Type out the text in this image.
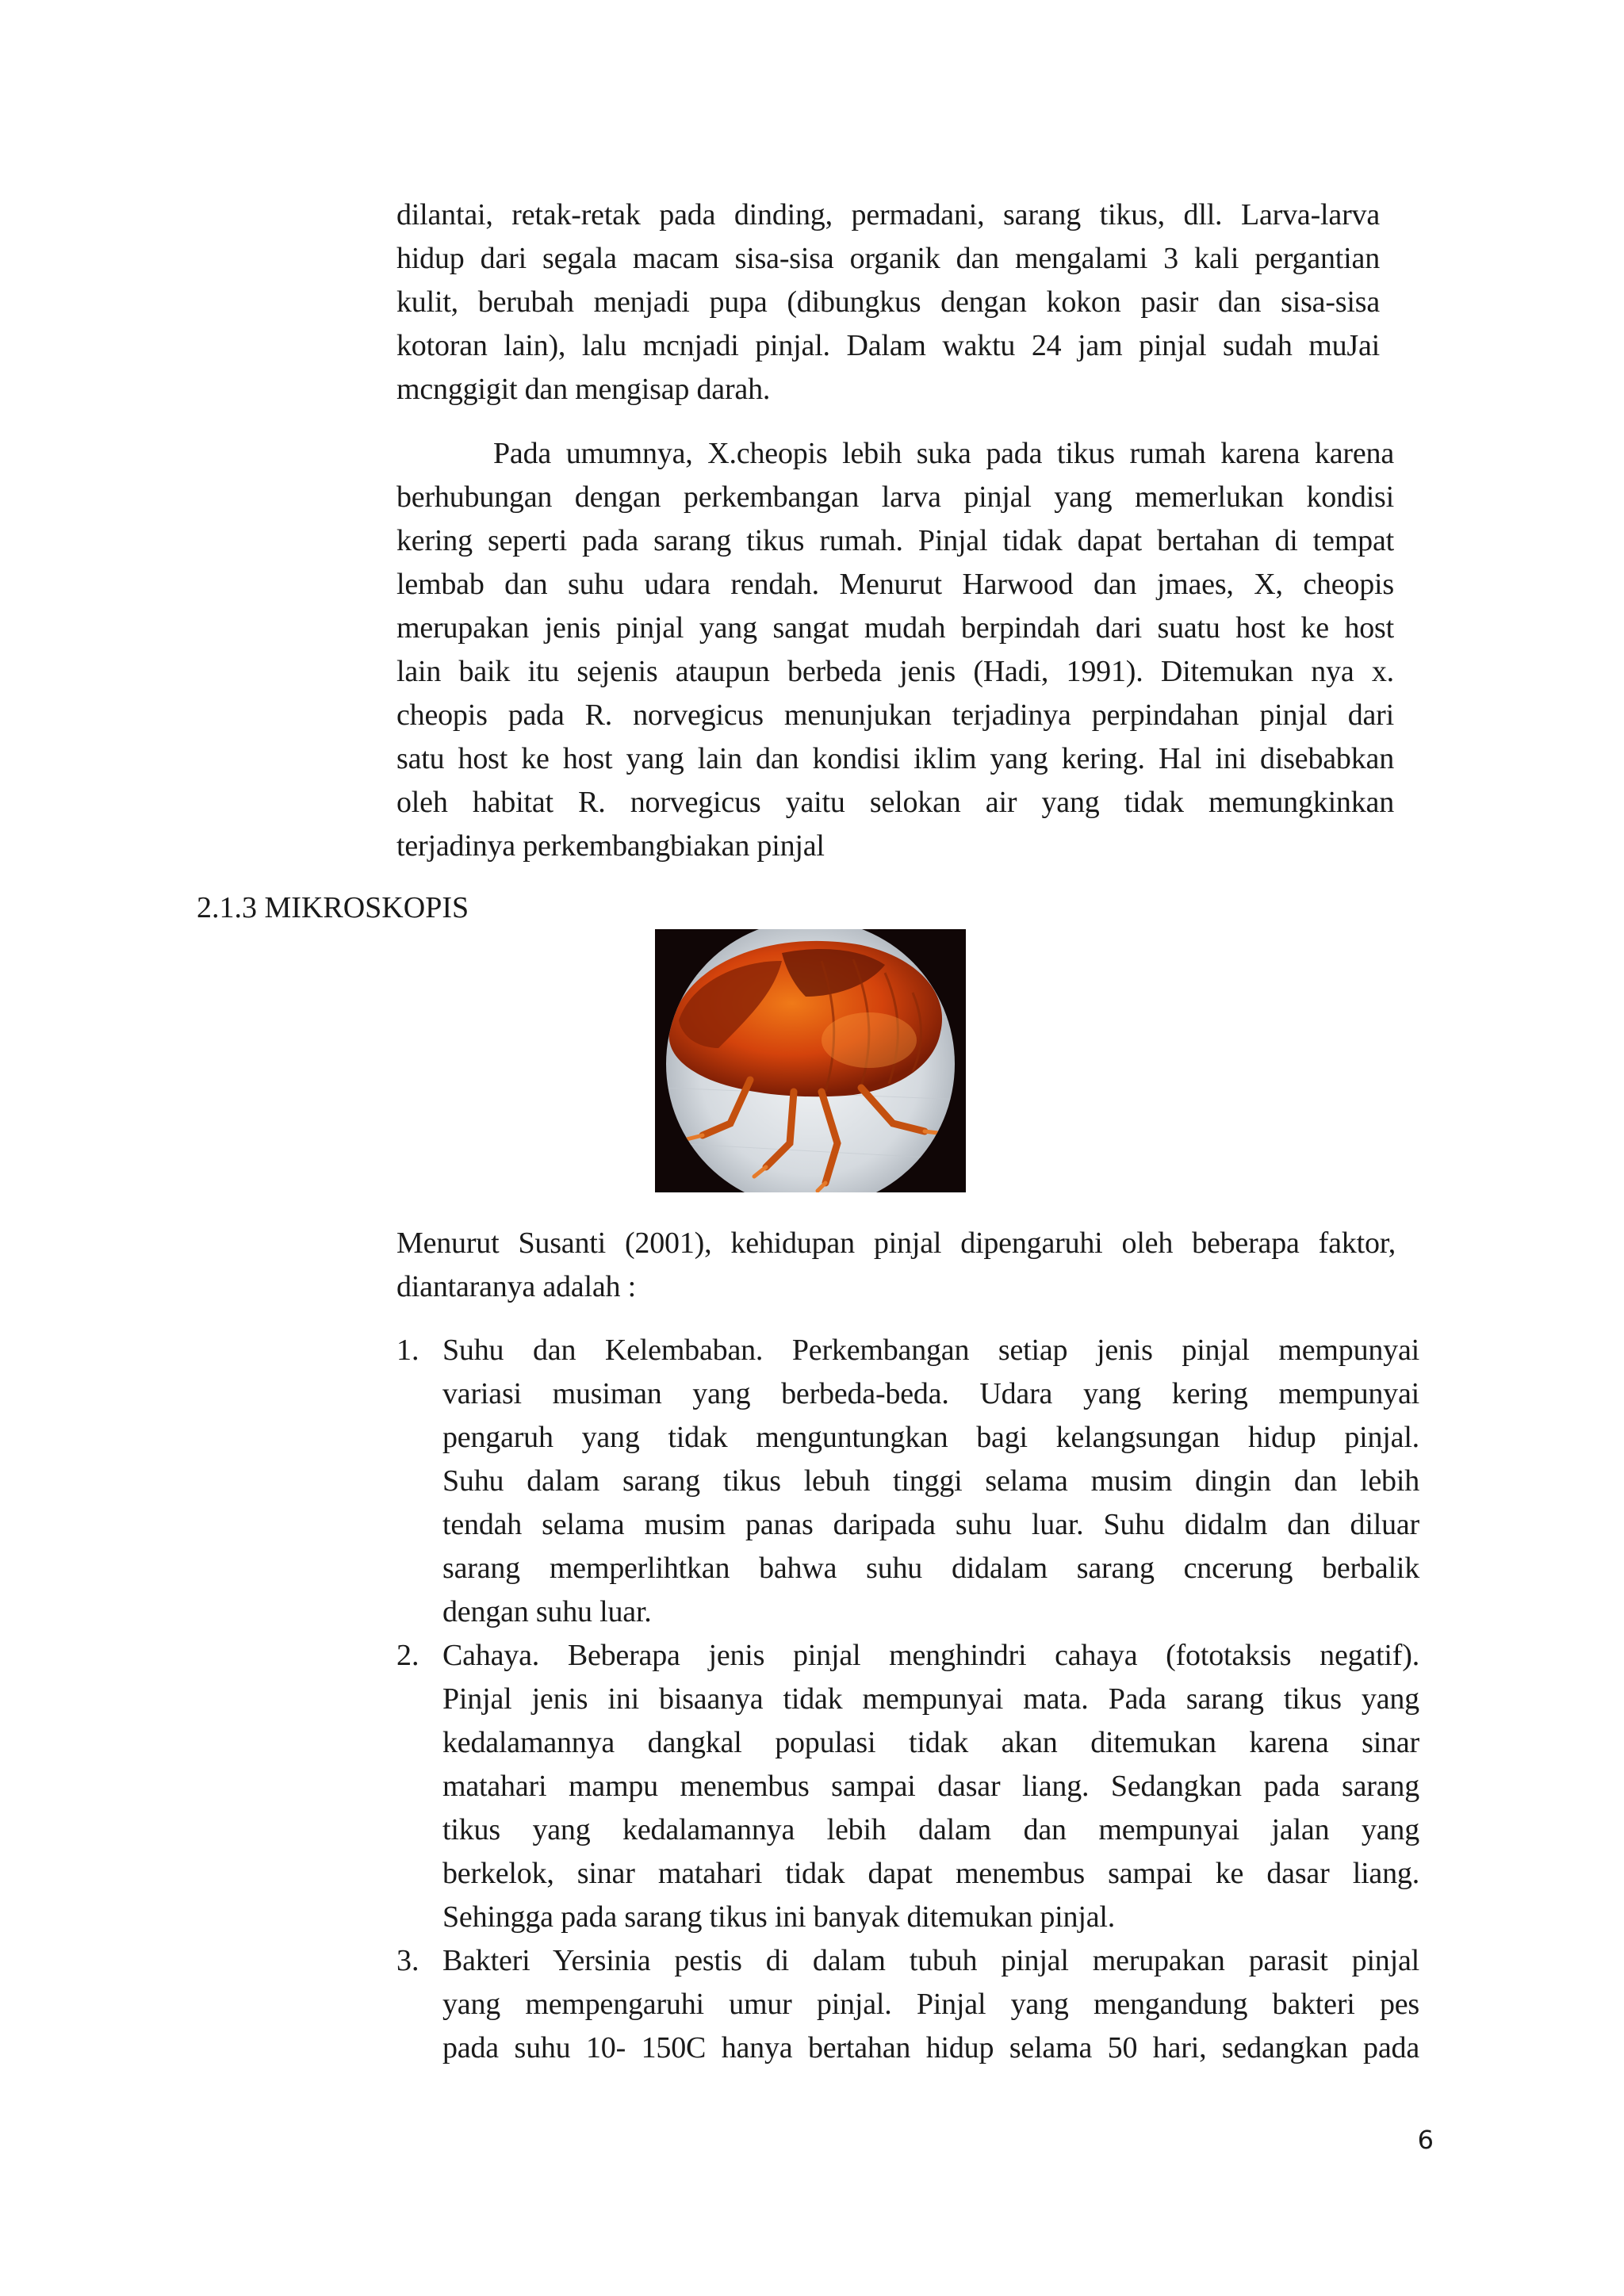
dilantai, retak-retak pada dinding, permadani, sarang tikus, dll. Larva-larva
hidup dari segala macam sisa-sisa organik dan mengalami 3 kali pergantian
kulit, berubah menjadi pupa (dibungkus dengan kokon pasir dan sisa-sisa
kotoran lain), lalu mcnjadi pinjal. Dalam waktu 24 jam pinjal sudah muJai
mcnggigit dan mengisap darah.
Pada umumnya, X.cheopis lebih suka pada tikus rumah karena karena
berhubungan dengan perkembangan larva pinjal yang memerlukan kondisi
kering seperti pada sarang tikus rumah. Pinjal tidak dapat bertahan di tempat
lembab dan suhu udara rendah. Menurut Harwood dan jmaes, X, cheopis
merupakan jenis pinjal yang sangat mudah berpindah dari suatu host ke host
lain baik itu sejenis ataupun berbeda jenis (Hadi, 1991). Ditemukan nya x.
cheopis pada R. norvegicus menunjukan terjadinya perpindahan pinjal dari
satu host ke host yang lain dan kondisi iklim yang kering. Hal ini disebabkan
oleh habitat R. norvegicus yaitu selokan air yang tidak memungkinkan
terjadinya perkembangbiakan pinjal
2.1.3 MIKROSKOPIS
Menurut Susanti (2001), kehidupan pinjal dipengaruhi oleh beberapa faktor,
diantaranya adalah :
1. Suhu dan Kelembaban. Perkembangan setiap jenis pinjal mempunyai
variasi musiman yang berbeda-beda. Udara yang kering mempunyai
pengaruh yang tidak menguntungkan bagi kelangsungan hidup pinjal.
Suhu dalam sarang tikus lebuh tinggi selama musim dingin dan lebih
tendah selama musim panas daripada suhu luar. Suhu didalm dan diluar
sarang memperlihtkan bahwa suhu didalam sarang cncerung berbalik
dengan suhu luar.
2. Cahaya. Beberapa jenis pinjal menghindri cahaya (fototaksis negatif).
Pinjal jenis ini bisaanya tidak mempunyai mata. Pada sarang tikus yang
kedalamannya dangkal populasi tidak akan ditemukan karena sinar
matahari mampu menembus sampai dasar liang. Sedangkan pada sarang
tikus yang kedalamannya lebih dalam dan mempunyai jalan yang
berkelok, sinar matahari tidak dapat menembus sampai ke dasar liang.
Sehingga pada sarang tikus ini banyak ditemukan pinjal.
3. Bakteri Yersinia pestis di dalam tubuh pinjal merupakan parasit pinjal
yang mempengaruhi umur pinjal. Pinjal yang mengandung bakteri pes
pada suhu 10- 150C hanya bertahan hidup selama 50 hari, sedangkan pada
6
